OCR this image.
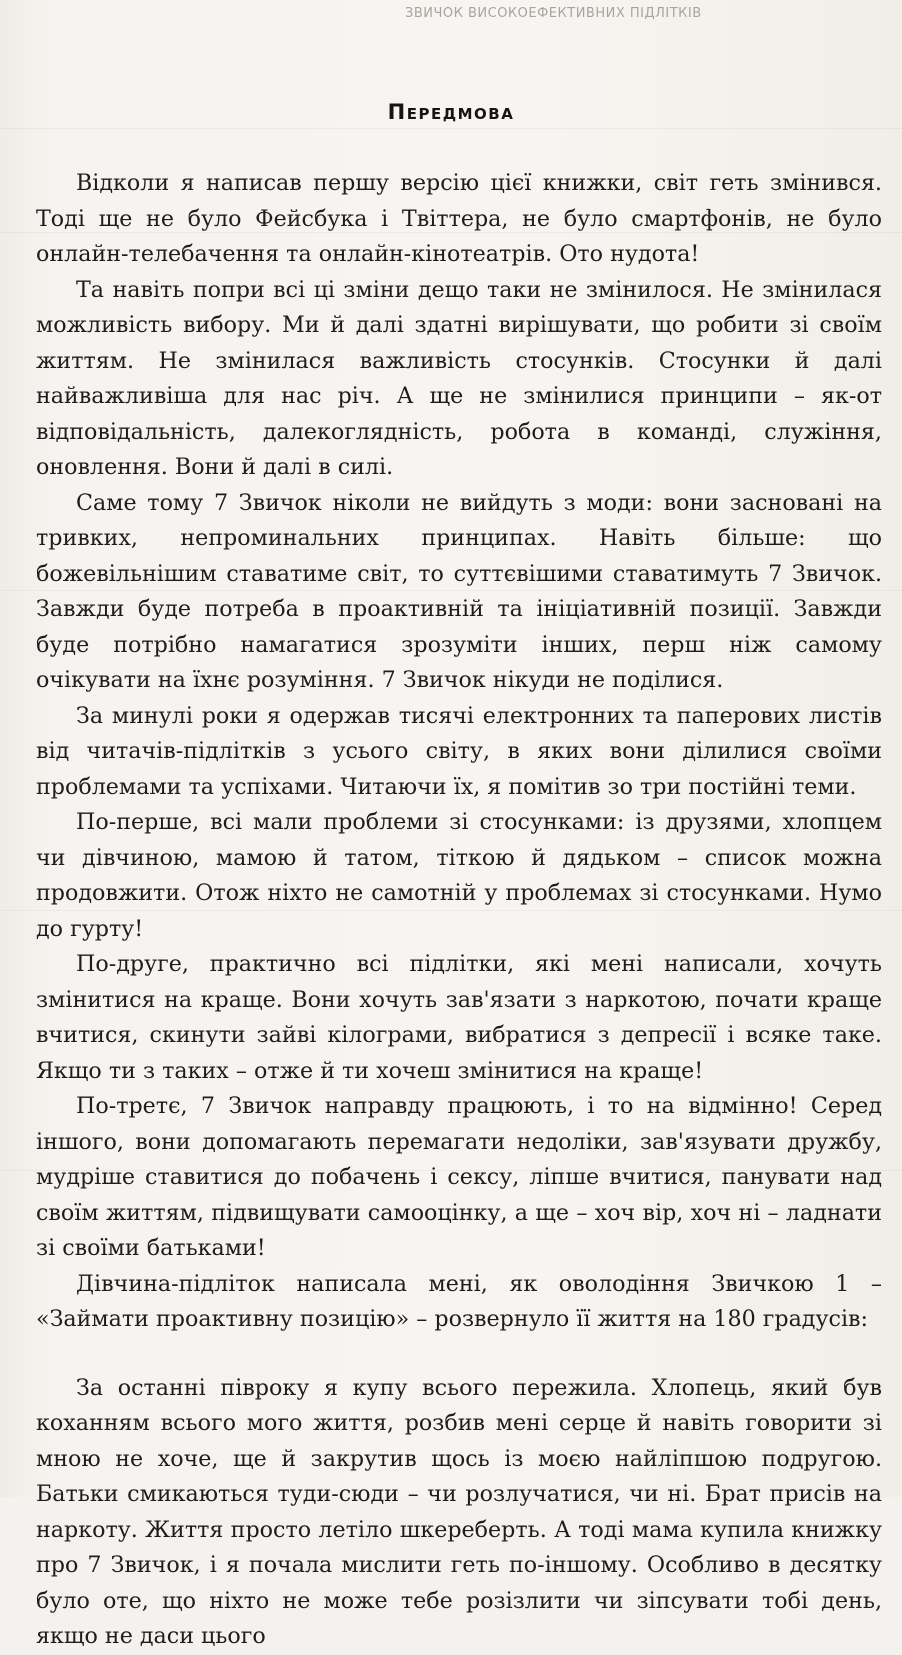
ЗВИЧОК ВИСОКОЕФЕКТИВНИХ ПІДЛІТКІВ
Передмова

Відколи я написав першу версію цієї книжки, світ геть змінився. Тоді ще не було Фейсбука і Твіттера, не було смартфонів, не було онлайн-телебачення та онлайн-кінотеатрів. Ото нудота!

Та навіть попри всі ці зміни дещо таки не змінилося. Не змінилася можливість вибору. Ми й далі здатні вирішувати, що робити зі своїм життям. Не змінилася важливість стосунків. Стосунки й далі найважливіша для нас річ. А ще не змінилися принципи – як-от відповідальність, далекоглядність, робота в команді, служіння, оновлення. Вони й далі в силі.

Саме тому 7 Звичок ніколи не вийдуть з моди: вони засновані на тривких, непроминальних принципах. Навіть більше: що божевільнішим ставатиме світ, то суттєвішими ставатимуть 7 Звичок. Завжди буде потреба в проактивній та ініціативній позиції. Завжди буде потрібно намагатися зрозуміти інших, перш ніж самому очікувати на їхнє розуміння. 7 Звичок нікуди не поділися.

За минулі роки я одержав тисячі електронних та паперових листів від читачів-підлітків з усього світу, в яких вони ділилися своїми проблемами та успіхами. Читаючи їх, я помітив зо три постійні теми.

По-перше, всі мали проблеми зі стосунками: із друзями, хлопцем чи дівчиною, мамою й татом, тіткою й дядьком – список можна продовжити. Отож ніхто не самотній у проблемах зі стосунками. Нумо до гурту!

По-друге, практично всі підлітки, які мені написали, хочуть змінитися на краще. Вони хочуть зав'язати з наркотою, почати краще вчитися, скинути зайві кілограми, вибратися з депресії і всяке таке. Якщо ти з таких – отже й ти хочеш змінитися на краще!

По-третє, 7 Звичок направду працюють, і то на відмінно! Серед іншого, вони допомагають перемагати недоліки, зав'язувати дружбу, мудріше ставитися до побачень і сексу, ліпше вчитися, панувати над своїм життям, підвищувати самооцінку, а ще – хоч вір, хоч ні – ладнати зі своїми батьками!

Дівчина-підліток написала мені, як оволодіння Звичкою 1 – «Займати проактивну позицію» – розвернуло її життя на 180 градусів:

За останні півроку я купу всього пережила. Хлопець, який був коханням всього мого життя, розбив мені серце й навіть говорити зі мною не хоче, ще й закрутив щось із моєю найліпшою подругою. Батьки смикаються туди-сюди – чи розлучатися, чи ні. Брат присів на наркоту. Життя просто летіло шкереберть. А тоді мама купила книжку про 7 Звичок, і я почала мислити геть по-іншому. Особливо в десятку було оте, що ніхто не може тебе розізлити чи зіпсувати тобі день, якщо не даси цього
